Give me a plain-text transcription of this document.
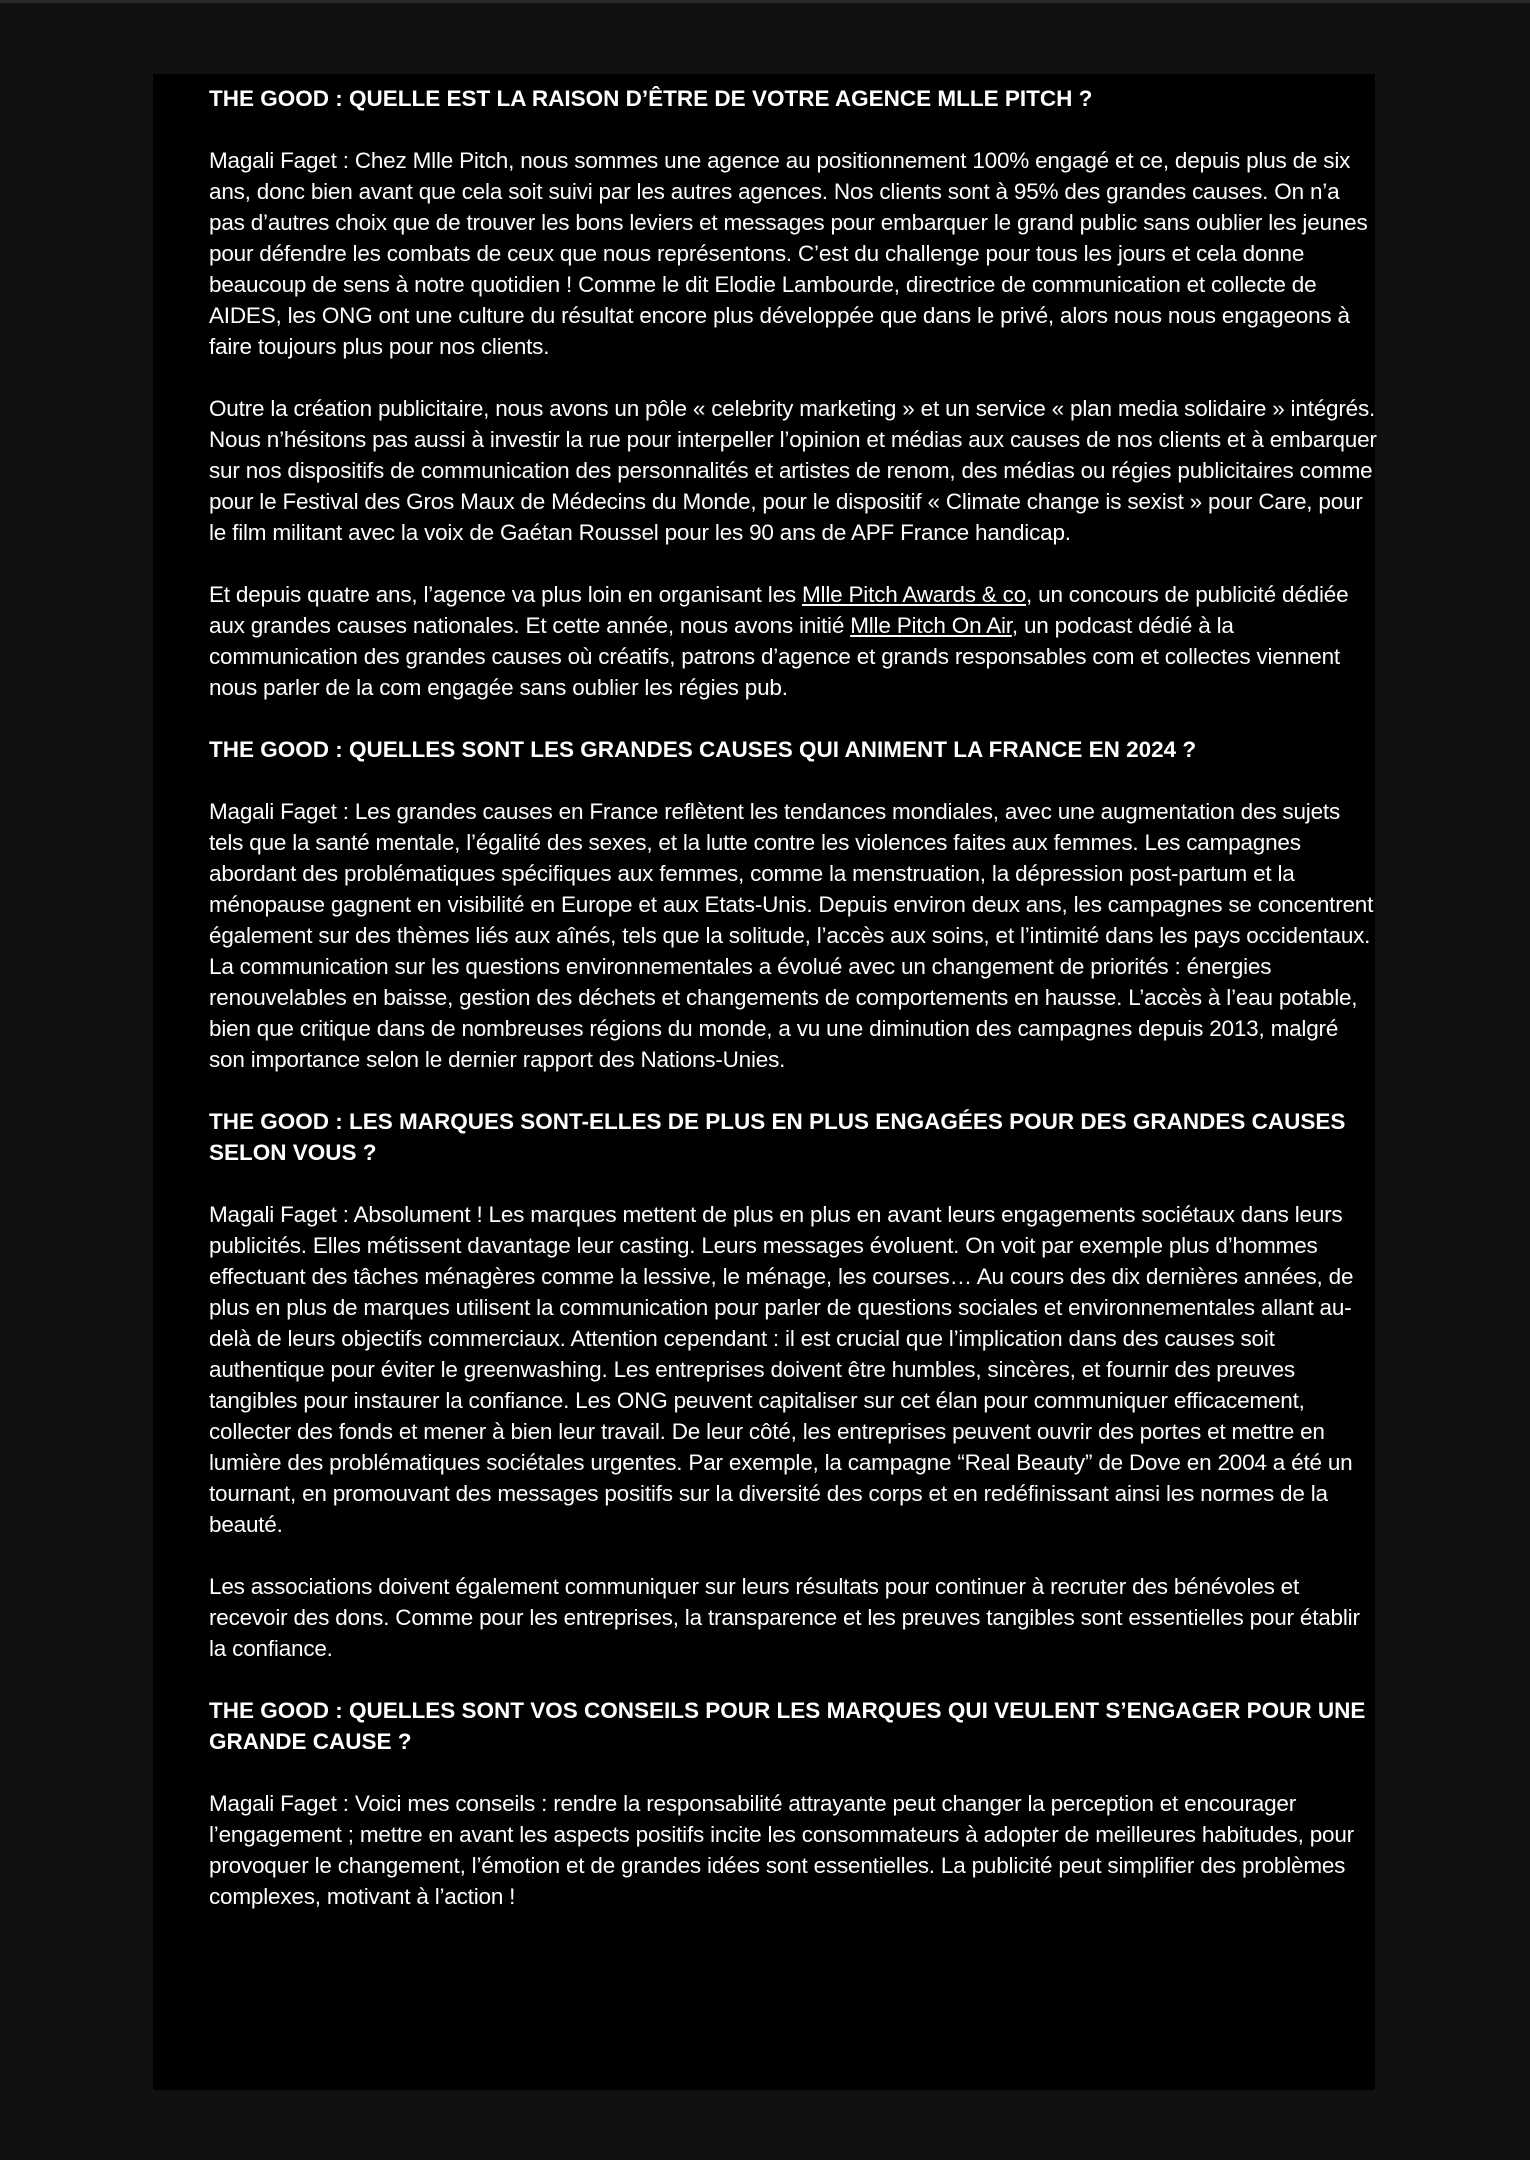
THE GOOD : QUELLE EST LA RAISON D’ÊTRE DE VOTRE AGENCE MLLE PITCH ?

Magali Faget : Chez Mlle Pitch, nous sommes une agence au positionnement 100% engagé et ce, depuis plus de six ans, donc bien avant que cela soit suivi par les autres agences. Nos clients sont à 95% des grandes causes. On n’a pas d’autres choix que de trouver les bons leviers et messages pour embarquer le grand public sans oublier les jeunes pour défendre les combats de ceux que nous représentons. C’est du challenge pour tous les jours et cela donne beaucoup de sens à notre quotidien ! Comme le dit Elodie Lambourde, directrice de communication et collecte de AIDES, les ONG ont une culture du résultat encore plus développée que dans le privé, alors nous nous engageons à faire toujours plus pour nos clients.

Outre la création publicitaire, nous avons un pôle « celebrity marketing » et un service « plan media solidaire » intégrés. Nous n’hésitons pas aussi à investir la rue pour interpeller l’opinion et médias aux causes de nos clients et à embarquer sur nos dispositifs de communication des personnalités et artistes de renom, des médias ou régies publicitaires comme pour le Festival des Gros Maux de Médecins du Monde, pour le dispositif « Climate change is sexist » pour Care, pour le film militant avec la voix de Gaétan Roussel pour les 90 ans de APF France handicap.

Et depuis quatre ans, l’agence va plus loin en organisant les Mlle Pitch Awards & co, un concours de publicité dédiée aux grandes causes nationales. Et cette année, nous avons initié Mlle Pitch On Air, un podcast dédié à la communication des grandes causes où créatifs, patrons d’agence et grands responsables com et collectes viennent nous parler de la com engagée sans oublier les régies pub.

THE GOOD : QUELLES SONT LES GRANDES CAUSES QUI ANIMENT LA FRANCE EN 2024 ?

Magali Faget : Les grandes causes en France reflètent les tendances mondiales, avec une augmentation des sujets tels que la santé mentale, l’égalité des sexes, et la lutte contre les violences faites aux femmes. Les campagnes abordant des problématiques spécifiques aux femmes, comme la menstruation, la dépression post-partum et la ménopause gagnent en visibilité en Europe et aux Etats-Unis. Depuis environ deux ans, les campagnes se concentrent également sur des thèmes liés aux aînés, tels que la solitude, l’accès aux soins, et l’intimité dans les pays occidentaux. La communication sur les questions environnementales a évolué avec un changement de priorités : énergies renouvelables en baisse, gestion des déchets et changements de comportements en hausse. L’accès à l’eau potable, bien que critique dans de nombreuses régions du monde, a vu une diminution des campagnes depuis 2013, malgré son importance selon le dernier rapport des Nations-Unies.

THE GOOD : LES MARQUES SONT-ELLES DE PLUS EN PLUS ENGAGÉES POUR DES GRANDES CAUSES SELON VOUS ?

Magali Faget : Absolument ! Les marques mettent de plus en plus en avant leurs engagements sociétaux dans leurs publicités. Elles métissent davantage leur casting. Leurs messages évoluent. On voit par exemple plus d’hommes effectuant des tâches ménagères comme la lessive, le ménage, les courses… Au cours des dix dernières années, de plus en plus de marques utilisent la communication pour parler de questions sociales et environnementales allant au-delà de leurs objectifs commerciaux. Attention cependant : il est crucial que l’implication dans des causes soit authentique pour éviter le greenwashing. Les entreprises doivent être humbles, sincères, et fournir des preuves tangibles pour instaurer la confiance. Les ONG peuvent capitaliser sur cet élan pour communiquer efficacement, collecter des fonds et mener à bien leur travail. De leur côté, les entreprises peuvent ouvrir des portes et mettre en lumière des problématiques sociétales urgentes. Par exemple, la campagne “Real Beauty” de Dove en 2004 a été un tournant, en promouvant des messages positifs sur la diversité des corps et en redéfinissant ainsi les normes de la beauté.

Les associations doivent également communiquer sur leurs résultats pour continuer à recruter des bénévoles et recevoir des dons. Comme pour les entreprises, la transparence et les preuves tangibles sont essentielles pour établir la confiance.

THE GOOD : QUELLES SONT VOS CONSEILS POUR LES MARQUES QUI VEULENT S’ENGAGER POUR UNE GRANDE CAUSE ?

Magali Faget : Voici mes conseils : rendre la responsabilité attrayante peut changer la perception et encourager l’engagement ; mettre en avant les aspects positifs incite les consommateurs à adopter de meilleures habitudes, pour provoquer le changement, l’émotion et de grandes idées sont essentielles. La publicité peut simplifier des problèmes complexes, motivant à l’action !
